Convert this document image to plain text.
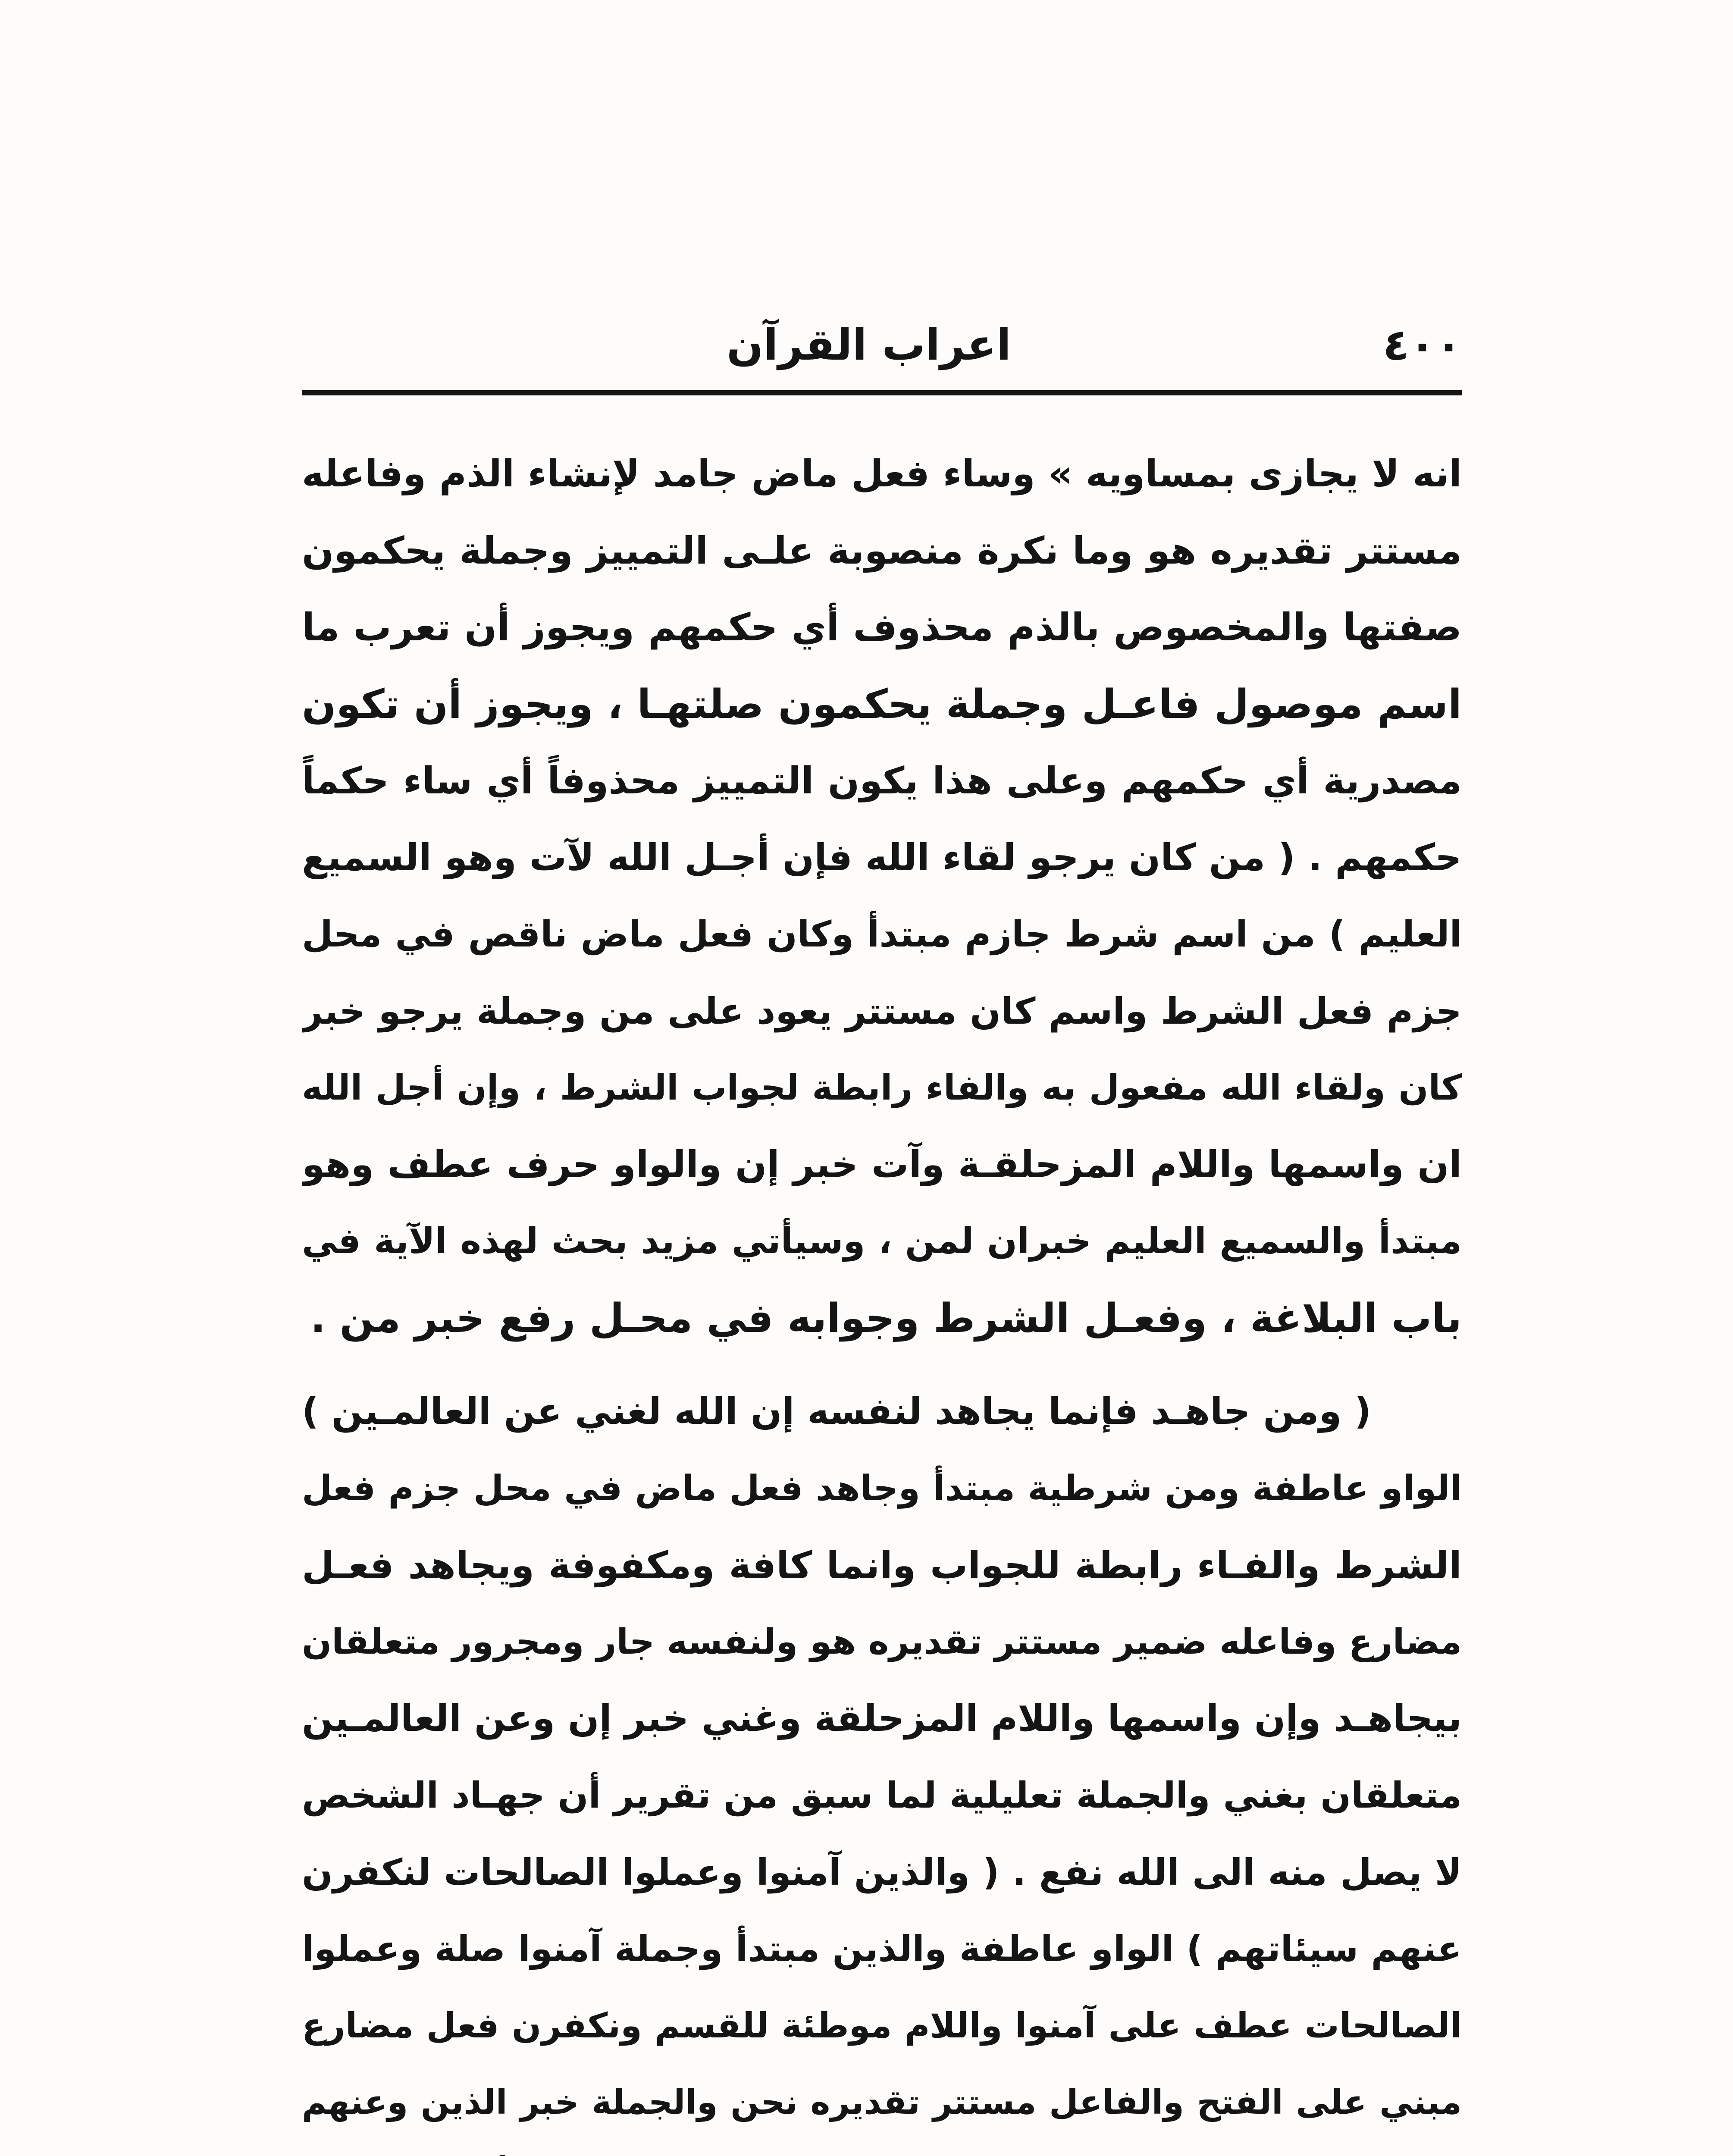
٤٠٠
اعراب القرآن
انه لا يجازى بمساويه » وساء فعل ماض جامد لإنشاء الذم وفاعله
مستتر تقديره هو وما نكرة منصوبة علـى التمييز وجملة يحكمون
صفتها والمخصوص بالذم محذوف أي حكمهم ويجوز أن تعرب ما
اسم موصول فاعـل وجملة يحكمون صلتهـا ، ويجوز أن تكون
مصدرية أي حكمهم وعلى هذا يكون التمييز محذوفاً أي ساء حكماً
حكمهم . ( من كان يرجو لقاء الله فإن أجـل الله لآت وهو السميع
العليم ) من اسم شرط جازم مبتدأ وكان فعل ماض ناقص في محل
جزم فعل الشرط واسم كان مستتر يعود على من وجملة يرجو خبر
كان ولقاء الله مفعول به والفاء رابطة لجواب الشرط ، وإن أجل الله
ان واسمها واللام المزحلقـة وآت خبر إن والواو حرف عطف وهو
مبتدأ والسميع العليم خبران لمن ، وسيأتي مزيد بحث لهذه الآية في
باب البلاغة ، وفعـل الشرط وجوابه في محـل رفع خبر من .
( ومن جاهـد فإنما يجاهد لنفسه إن الله لغني عن العالمـين )
الواو عاطفة ومن شرطية مبتدأ وجاهد فعل ماض في محل جزم فعل
الشرط والفـاء رابطة للجواب وانما كافة ومكفوفة ويجاهد فعـل
مضارع وفاعله ضمير مستتر تقديره هو ولنفسه جار ومجرور متعلقان
بيجاهـد وإن واسمها واللام المزحلقة وغني خبر إن وعن العالمـين
متعلقان بغني والجملة تعليلية لما سبق من تقرير أن جهـاد الشخص
لا يصل منه الى الله نفع . ( والذين آمنوا وعملوا الصالحات لنكفرن
عنهم سيئاتهم ) الواو عاطفة والذين مبتدأ وجملة آمنوا صلة وعملوا
الصالحات عطف على آمنوا واللام موطئة للقسم ونكفرن فعل مضارع
مبني على الفتح والفاعل مستتر تقديره نحن والجملة خبر الذين وعنهم
